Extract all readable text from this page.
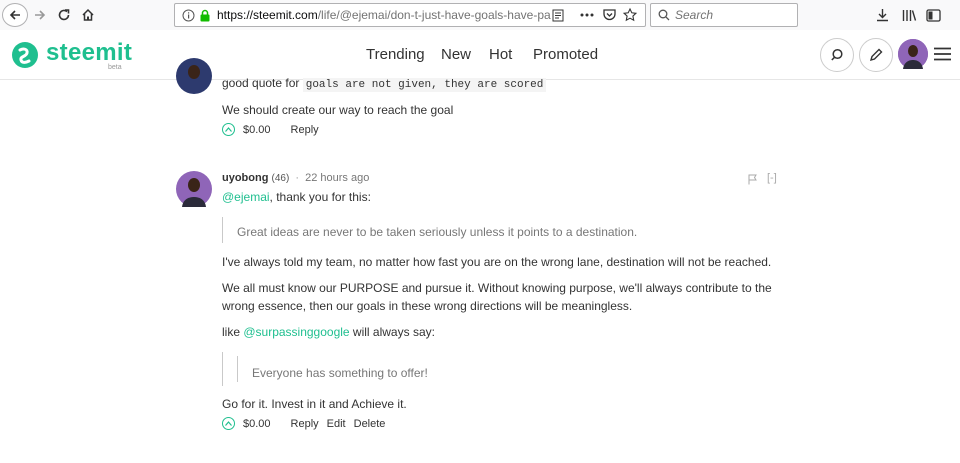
https://steemit.com/life/@ejemai/don-t-just-have-goals-have-pa	Search
steemit
beta
Trending New Hot Promoted
good quote for goals are not given, they are scored
We should create our way to reach the goal
$0.00 Reply
uyobong (46) · 22 hours ago	[-]
@ejemai, thank you for this:
Great ideas are never to be taken seriously unless it points to a destination.
I've always told my team, no matter how fast you are on the wrong lane, destination will not be reached.
We all must know our PURPOSE and pursue it. Without knowing purpose, we'll always contribute to the
wrong essence, then our goals in these wrong directions will be meaningless.
like @surpassinggoogle will always say:
Everyone has something to offer!
Go for it. Invest in it and Achieve it.
$0.00 Reply Edit Delete
